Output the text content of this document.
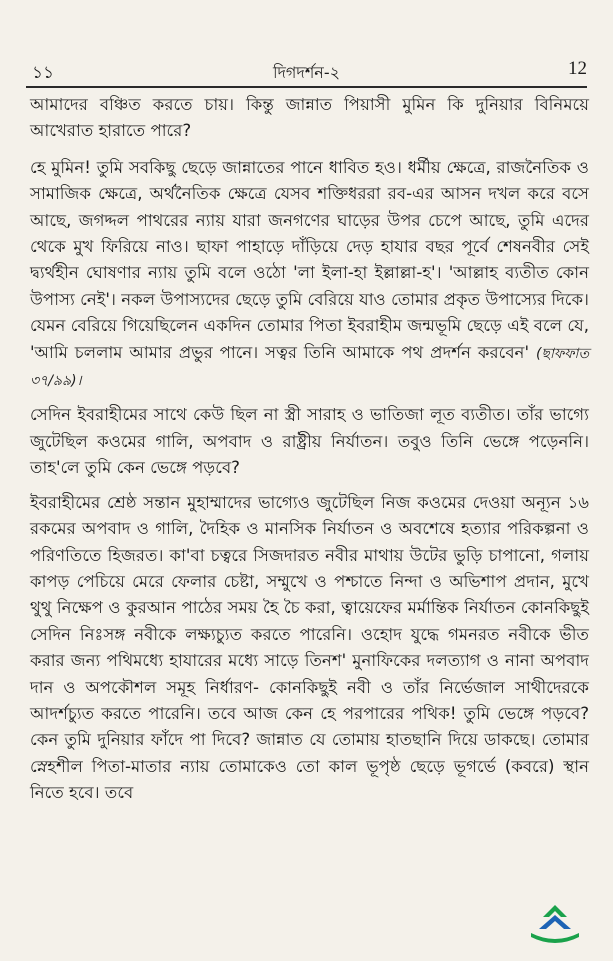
১১	দিগদর্শন-২	12

আমাদের বঞ্চিত করতে চায়। কিন্তু জান্নাত পিয়াসী মুমিন কি দুনিয়ার বিনিময়ে আখেরাত হারাতে পারে?

হে মুমিন! তুমি সবকিছু ছেড়ে জান্নাতের পানে ধাবিত হও। ধর্মীয় ক্ষেত্রে, রাজনৈতিক ও সামাজিক ক্ষেত্রে, অর্থনৈতিক ক্ষেত্রে যেসব শক্তিধররা রব-এর আসন দখল করে বসে আছে, জগদ্দল পাথরের ন্যায় যারা জনগণের ঘাড়ের উপর চেপে আছে, তুমি এদের থেকে মুখ ফিরিয়ে নাও। ছাফা পাহাড়ে দাঁড়িয়ে দেড় হাযার বছর পূর্বে শেষনবীর সেই দ্ব্যর্থহীন ঘোষণার ন্যায় তুমি বলে ওঠো 'লা ইলা-হা ইল্লাল্লা-হ'। 'আল্লাহ ব্যতীত কোন উপাস্য নেই'। নকল উপাস্যদের ছেড়ে তুমি বেরিয়ে যাও তোমার প্রকৃত উপাস্যের দিকে। যেমন বেরিয়ে গিয়েছিলেন একদিন তোমার পিতা ইবরাহীম জন্মভূমি ছেড়ে এই বলে যে, 'আমি চললাম আমার প্রভুর পানে। সত্বর তিনি আমাকে পথ প্রদর্শন করবেন' (ছাফফাত ৩৭/৯৯)।

সেদিন ইবরাহীমের সাথে কেউ ছিল না স্ত্রী সারাহ ও ভাতিজা লূত ব্যতীত। তাঁর ভাগ্যে জুটেছিল কওমের গালি, অপবাদ ও রাষ্ট্রীয় নির্যাতন। তবুও তিনি ভেঙ্গে পড়েননি। তাহ'লে তুমি কেন ভেঙ্গে পড়বে?

ইবরাহীমের শ্রেষ্ঠ সন্তান মুহাম্মাদের ভাগ্যেও জুটেছিল নিজ কওমের দেওয়া অন্যূন ১৬ রকমের অপবাদ ও গালি, দৈহিক ও মানসিক নির্যাতন ও অবশেষে হত্যার পরিকল্পনা ও পরিণতিতে হিজরত। কা'বা চত্বরে সিজদারত নবীর মাথায় উটের ভুড়ি চাপানো, গলায় কাপড় পেচিয়ে মেরে ফেলার চেষ্টা, সম্মুখে ও পশ্চাতে নিন্দা ও অভিশাপ প্রদান, মুখে থুথু নিক্ষেপ ও কুরআন পাঠের সময় হৈ চৈ করা, ত্বায়েফের মর্মান্তিক নির্যাতন কোনকিছুই সেদিন নিঃসঙ্গ নবীকে লক্ষ্যচ্যুত করতে পারেনি। ওহোদ যুদ্ধে গমনরত নবীকে ভীত করার জন্য পথিমধ্যে হাযারের মধ্যে সাড়ে তিনশ' মুনাফিকের দলত্যাগ ও নানা অপবাদ দান ও অপকৌশল সমূহ নির্ধারণ- কোনকিছুই নবী ও তাঁর নির্ভেজাল সাথীদেরকে আদর্শচ্যুত করতে পারেনি। তবে আজ কেন হে পরপারের পথিক! তুমি ভেঙ্গে পড়বে? কেন তুমি দুনিয়ার ফাঁদে পা দিবে? জান্নাত যে তোমায় হাতছানি দিয়ে ডাকছে। তোমার স্নেহশীল পিতা-মাতার ন্যায় তোমাকেও তো কাল ভূপৃষ্ঠ ছেড়ে ভূগর্ভে (কবরে) স্থান নিতে হবে। তবে
